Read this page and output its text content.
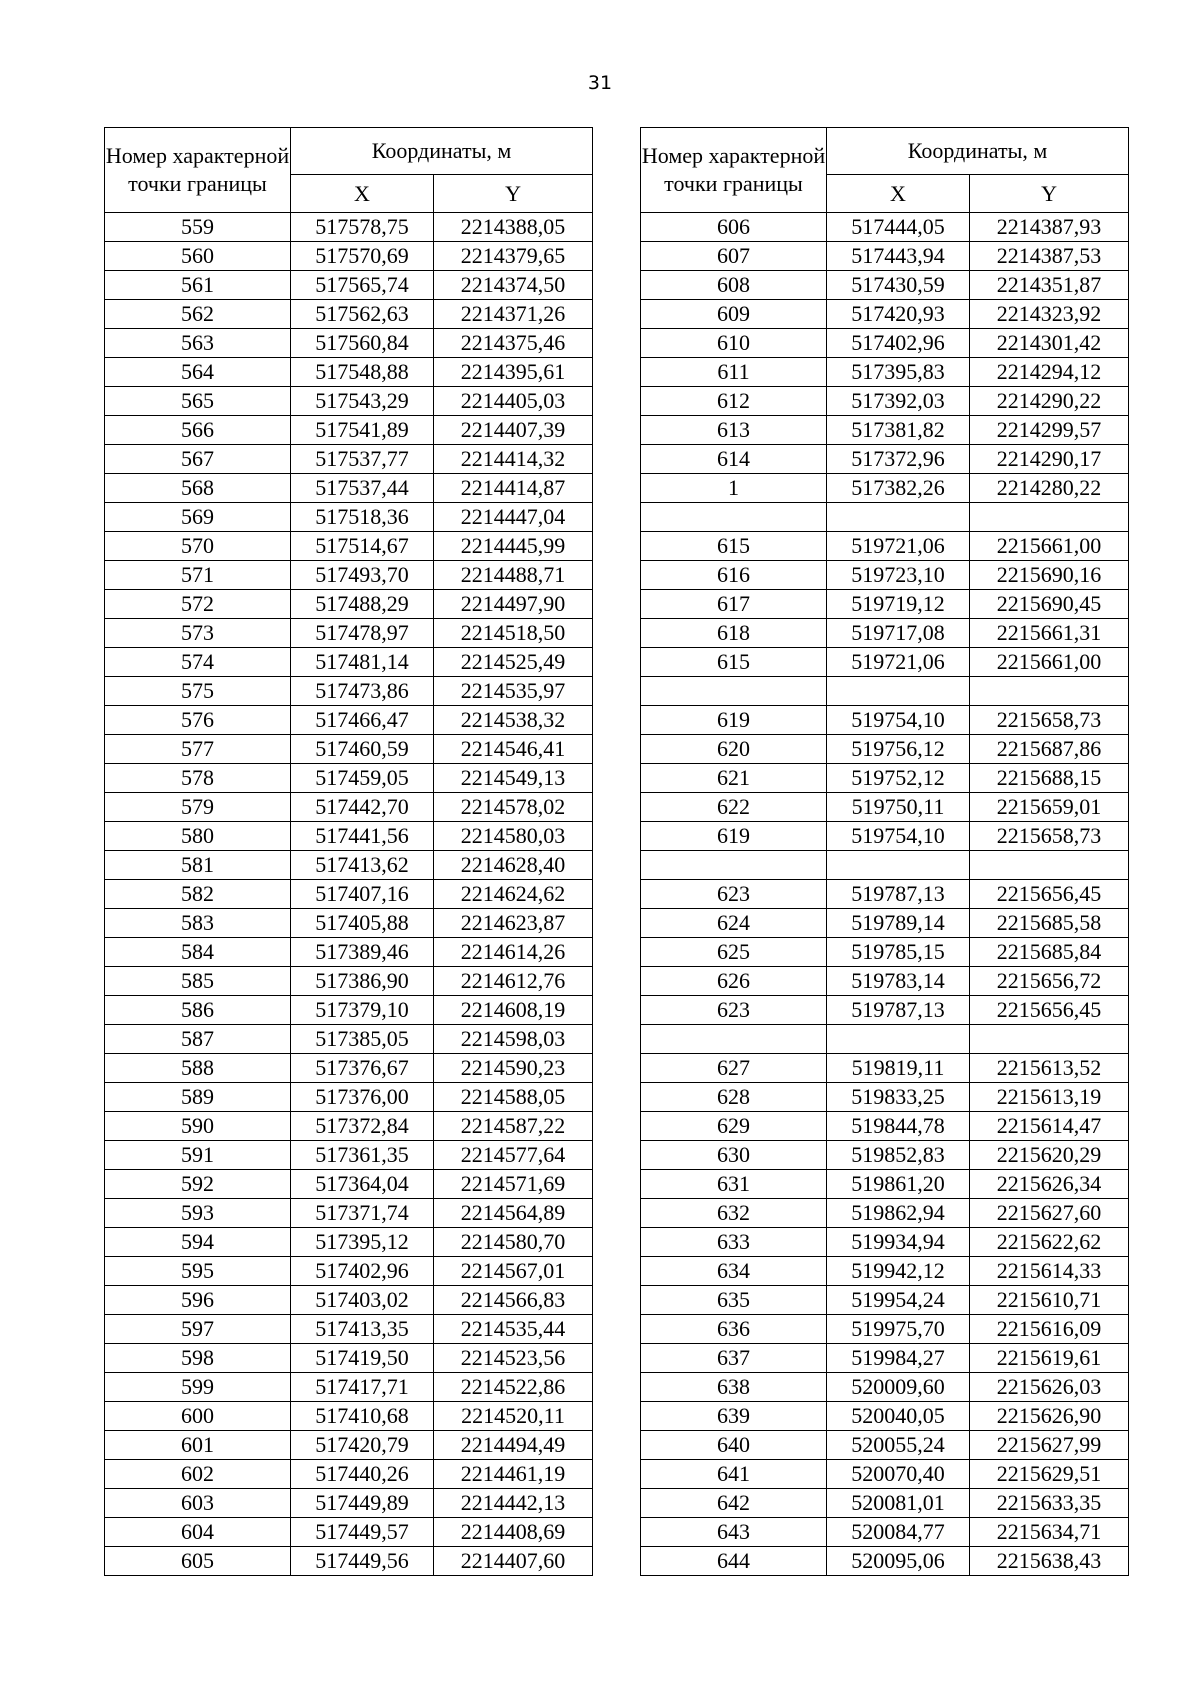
31
Номер характерной точки границы	Координаты, м	
	X	Y
559	517578,75	2214388,05
560	517570,69	2214379,65
561	517565,74	2214374,50
562	517562,63	2214371,26
563	517560,84	2214375,46
564	517548,88	2214395,61
565	517543,29	2214405,03
566	517541,89	2214407,39
567	517537,77	2214414,32
568	517537,44	2214414,87
569	517518,36	2214447,04
570	517514,67	2214445,99
571	517493,70	2214488,71
572	517488,29	2214497,90
573	517478,97	2214518,50
574	517481,14	2214525,49
575	517473,86	2214535,97
576	517466,47	2214538,32
577	517460,59	2214546,41
578	517459,05	2214549,13
579	517442,70	2214578,02
580	517441,56	2214580,03
581	517413,62	2214628,40
582	517407,16	2214624,62
583	517405,88	2214623,87
584	517389,46	2214614,26
585	517386,90	2214612,76
586	517379,10	2214608,19
587	517385,05	2214598,03
588	517376,67	2214590,23
589	517376,00	2214588,05
590	517372,84	2214587,22
591	517361,35	2214577,64
592	517364,04	2214571,69
593	517371,74	2214564,89
594	517395,12	2214580,70
595	517402,96	2214567,01
596	517403,02	2214566,83
597	517413,35	2214535,44
598	517419,50	2214523,56
599	517417,71	2214522,86
600	517410,68	2214520,11
601	517420,79	2214494,49
602	517440,26	2214461,19
603	517449,89	2214442,13
604	517449,57	2214408,69
605	517449,56	2214407,60
Номер характерной точки границы	Координаты, м	
	X	Y
606	517444,05	2214387,93
607	517443,94	2214387,53
608	517430,59	2214351,87
609	517420,93	2214323,92
610	517402,96	2214301,42
611	517395,83	2214294,12
612	517392,03	2214290,22
613	517381,82	2214299,57
614	517372,96	2214290,17
1	517382,26	2214280,22

615	519721,06	2215661,00
616	519723,10	2215690,16
617	519719,12	2215690,45
618	519717,08	2215661,31
615	519721,06	2215661,00

619	519754,10	2215658,73
620	519756,12	2215687,86
621	519752,12	2215688,15
622	519750,11	2215659,01
619	519754,10	2215658,73

623	519787,13	2215656,45
624	519789,14	2215685,58
625	519785,15	2215685,84
626	519783,14	2215656,72
623	519787,13	2215656,45

627	519819,11	2215613,52
628	519833,25	2215613,19
629	519844,78	2215614,47
630	519852,83	2215620,29
631	519861,20	2215626,34
632	519862,94	2215627,60
633	519934,94	2215622,62
634	519942,12	2215614,33
635	519954,24	2215610,71
636	519975,70	2215616,09
637	519984,27	2215619,61
638	520009,60	2215626,03
639	520040,05	2215626,90
640	520055,24	2215627,99
641	520070,40	2215629,51
642	520081,01	2215633,35
643	520084,77	2215634,71
644	520095,06	2215638,43
